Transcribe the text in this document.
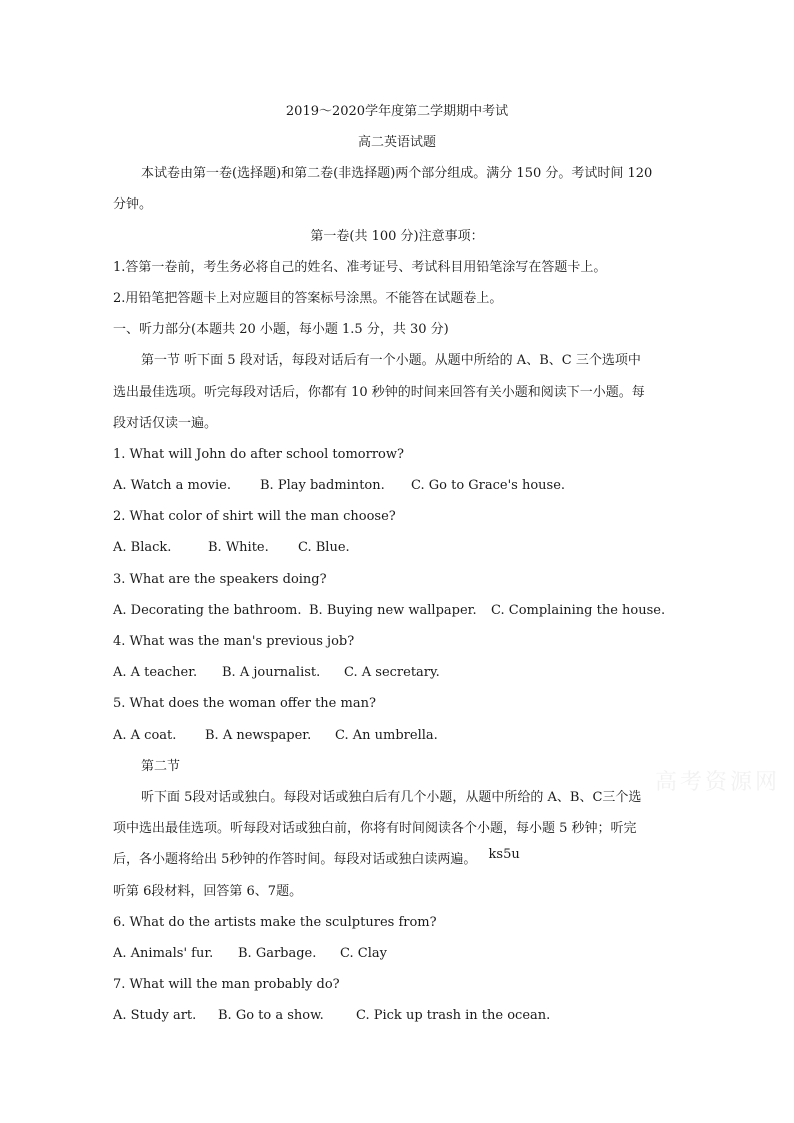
高考资源网
2019～2020学年度第二学期期中考试
高二英语试题
本试卷由第一卷(选择题)和第二卷(非选择题)两个部分组成。满分 150 分。考试时间 120
分钟。
第一卷(共 100 分)注意事项：
1.答第一卷前，考生务必将自己的姓名、准考证号、考试科目用铅笔涂写在答题卡上。
2.用铅笔把答题卡上对应题目的答案标号涂黑。不能答在试题卷上。
一、听力部分(本题共 20 小题，每小题 1.5 分，共 30 分)
第一节 听下面 5 段对话，每段对话后有一个小题。从题中所给的 A、B、C 三个选项中
选出最佳选项。听完每段对话后，你都有 10 秒钟的时间来回答有关小题和阅读下一小题。每
段对话仅读一遍。
1. What will John do after school tomorrow?
A. Watch a movie. B. Play badminton. C. Go to Grace's house.
2. What color of shirt will the man choose?
A. Black.	B. White. C. Blue.
3. What are the speakers doing?
A. Decorating the bathroom. B. Buying new wallpaper. C. Complaining the house.
4. What was the man's previous job?
A. A teacher. B. A journalist. C. A secretary.
5. What does the woman offer the man?
A. A coat. B. A newspaper. C. An umbrella.
第二节
听下面 5段对话或独白。每段对话或独白后有几个小题，从题中所给的 A、B、C三个选
项中选出最佳选项。听每段对话或独白前，你将有时间阅读各个小题，每小题 5 秒钟；听完
后，各小题将给出 5秒钟的作答时间。每段对话或独白读两遍。 ks5u
听第 6段材料，回答第 6、7题。
6. What do the artists make the sculptures from?
A. Animals' fur. B. Garbage. C. Clay
7. What will the man probably do?
A. Study art. B. Go to a show. C. Pick up trash in the ocean.
